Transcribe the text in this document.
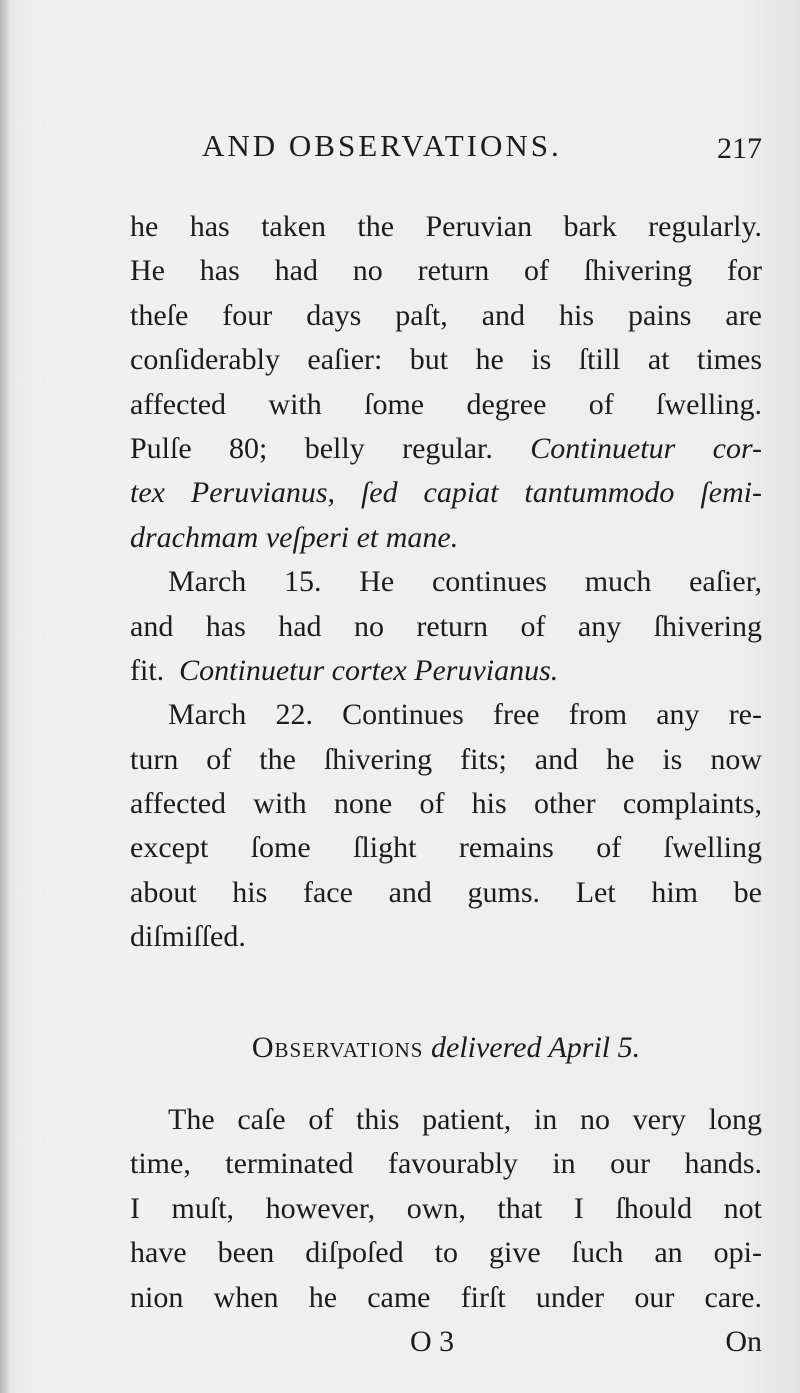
AND OBSERVATIONS.	217
he has taken the Peruvian bark regularly.
He has had no return of ſhivering for
theſe four days paſt, and his pains are
conſiderably eaſier: but he is ſtill at times
affected with ſome degree of ſwelling.
Pulſe 80; belly regular. Continuetur cor-
tex Peruvianus, ſed capiat tantummodo ſemi-
drachmam veſperi et mane.
March 15. He continues much eaſier,
and has had no return of any ſhivering
fit. Continuetur cortex Peruvianus.
March 22. Continues free from any re-
turn of the ſhivering fits; and he is now
affected with none of his other complaints,
except ſome ſlight remains of ſwelling
about his face and gums. Let him be
diſmiſſed.
Observations delivered April 5.
The caſe of this patient, in no very long
time, terminated favourably in our hands.
I muſt, however, own, that I ſhould not
have been diſpoſed to give ſuch an opi-
nion when he came firſt under our care.
O 3	On
